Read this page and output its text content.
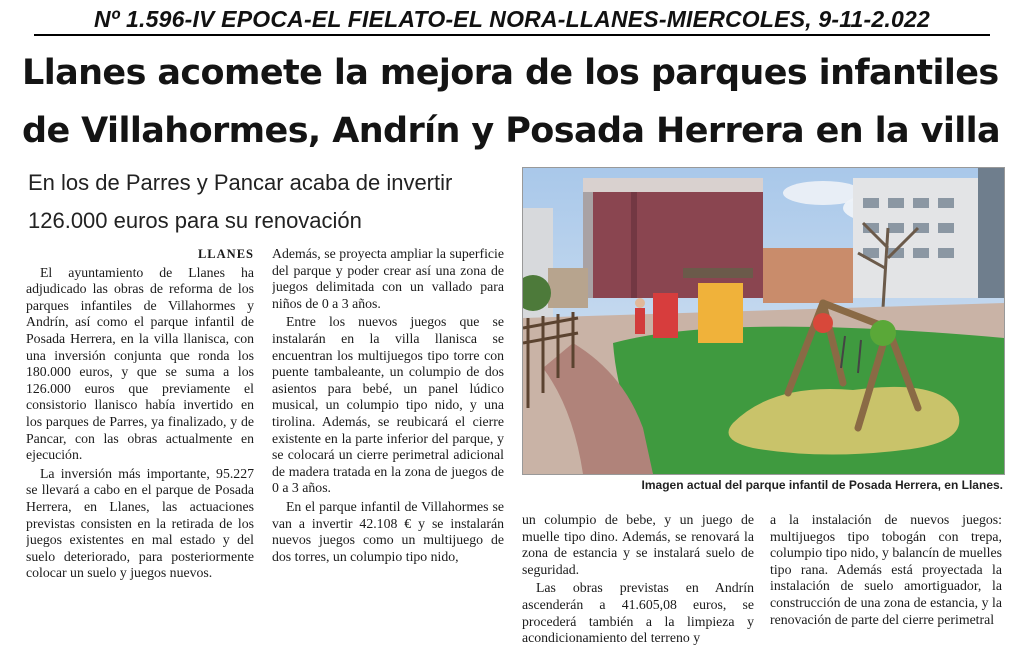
Nº 1.596-IV EPOCA-EL FIELATO-EL NORA-LLANES-MIERCOLES, 9-11-2.022
Llanes acomete la mejora de los parques infantiles
de Villahormes, Andrín y Posada Herrera en la villa
En los de Parres y Pancar acaba de invertir
126.000 euros para su renovación
LLANES

El ayuntamiento de Llanes ha adjudicado las obras de reforma de los parques infantiles de Villahormes y Andrín, así como el parque infantil de Posada Herrera, en la villa llanisca, con una inversión conjunta que ronda los 180.000 euros, y que se suma a los 126.000 euros que previamente el consistorio llanisco había invertido en los parques de Parres, ya finalizado, y de Pancar, con las obras actualmente en ejecución.

La inversión más importante, 95.227 se llevará a cabo en el parque de Posada Herrera, en Llanes, las actuaciones previstas consisten en la retirada de los juegos existentes en mal estado y del suelo deteriorado, para posteriormente colocar un suelo y juegos nuevos.

Además, se proyecta ampliar la superficie del parque y poder crear así una zona de juegos delimitada con un vallado para niños de 0 a 3 años.

Entre los nuevos juegos que se instalarán en la villa llanisca se encuentran los multijuegos tipo torre con puente tambaleante, un columpio de dos asientos para bebé, un panel lúdico musical, un columpio tipo nido, y una tirolina. Además, se reubicará el cierre existente en la parte inferior del parque, y se colocará un cierre perimetral adicional de madera tratada en la zona de juegos de 0 a 3 años.

En el parque infantil de Villahormes se van a invertir 42.108 € y se instalarán nuevos juegos como un multijuego de dos torres, un columpio tipo nido,

Imagen actual del parque infantil de Posada Herrera, en Llanes.

un columpio de bebe, y un juego de muelle tipo dino. Además, se renovará la zona de estancia y se instalará suelo de seguridad.

Las obras previstas en Andrín ascenderán a 41.605,08 euros, se procederá también a la limpieza y acondicionamiento del terreno y

a la instalación de nuevos juegos: multijuegos tipo tobogán con trepa, columpio tipo nido, y balancín de muelles tipo rana. Además está proyectada la instalación de suelo amortiguador, la construcción de una zona de estancia, y la renovación de parte del cierre perimetral
